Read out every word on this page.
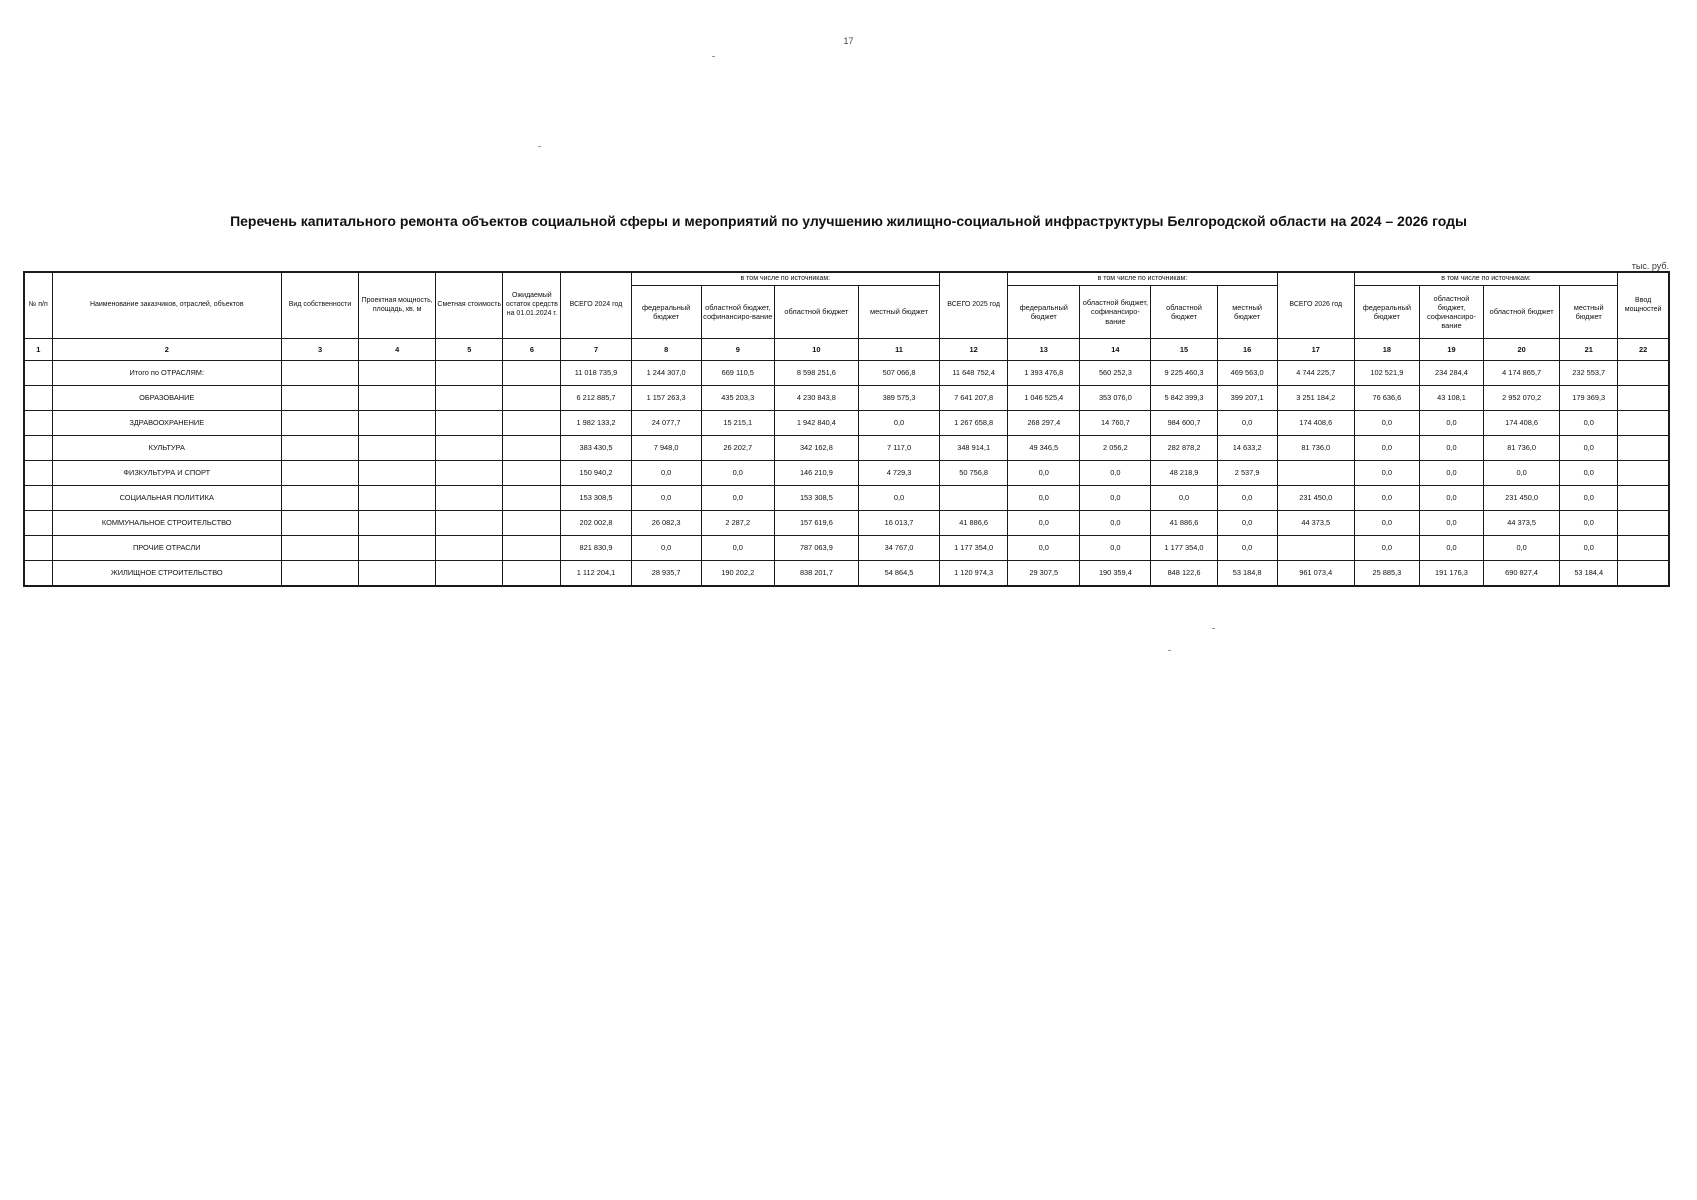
17
Перечень капитального ремонта объектов социальной сферы и мероприятий по улучшению жилищно-социальной инфраструктуры Белгородской области на 2024 – 2026 годы
тыс. руб.
№ п/п	Наименование заказчиков, отраслей, объектов	Вид собственности	Проектная мощность, площадь, кв. м	Сметная стоимость	Ожидаемый остаток средств на 01.01.2024 г.	ВСЕГО 2024 год	в том числе по источникам:				ВСЕГО 2025 год	в том числе по источникам:				ВСЕГО 2026 год	в том числе по источникам:				Ввод мощностей
							федеральный бюджет	областной бюджет, софинансиро-вание	областной бюджет	местный бюджет		федеральный бюджет	областной бюджет, софинансиро-вание	областной бюджет	местный бюджет		федеральный бюджет	областной бюджет, софинансиро-вание	областной бюджет	местный бюджет	
1	2	3	4	5	6	7	8	9	10	11	12	13	14	15	16	17	18	19	20	21	22
	Итого по ОТРАСЛЯМ:					11 018 735,9	1 244 307,0	669 110,5	8 598 251,6	507 066,8	11 648 752,4	1 393 476,8	560 252,3	9 225 460,3	469 563,0	4 744 225,7	102 521,9	234 284,4	4 174 865,7	232 553,7	
	ОБРАЗОВАНИЕ					6 212 885,7	1 157 263,3	435 203,3	4 230 843,8	389 575,3	7 641 207,8	1 046 525,4	353 076,0	5 842 399,3	399 207,1	3 251 184,2	76 636,6	43 108,1	2 952 070,2	179 369,3	
	ЗДРАВООХРАНЕНИЕ					1 982 133,2	24 077,7	15 215,1	1 942 840,4	0,0	1 267 658,8	268 297,4	14 760,7	984 600,7	0,0	174 408,6	0,0	0,0	174 408,6	0,0	
	КУЛЬТУРА					383 430,5	7 948,0	26 202,7	342 162,8	7 117,0	348 914,1	49 346,5	2 056,2	282 878,2	14 633,2	81 736,0	0,0	0,0	81 736,0	0,0	
	ФИЗКУЛЬТУРА И СПОРТ					150 940,2	0,0	0,0	146 210,9	4 729,3	50 756,8	0,0	0,0	48 218,9	2 537,9		0,0	0,0	0,0	0,0	
	СОЦИАЛЬНАЯ ПОЛИТИКА					153 308,5	0,0	0,0	153 308,5	0,0		0,0	0,0	0,0	0,0	231 450,0	0,0	0,0	231 450,0	0,0	
	КОММУНАЛЬНОЕ СТРОИТЕЛЬСТВО					202 002,8	26 082,3	2 287,2	157 619,6	16 013,7	41 886,6	0,0	0,0	41 886,6	0,0	44 373,5	0,0	0,0	44 373,5	0,0	
	ПРОЧИЕ ОТРАСЛИ					821 830,9	0,0	0,0	787 063,9	34 767,0	1 177 354,0	0,0	0,0	1 177 354,0	0,0		0,0	0,0	0,0	0,0	
	ЖИЛИЩНОЕ СТРОИТЕЛЬСТВО					1 112 204,1	28 935,7	190 202,2	838 201,7	54 864,5	1 120 974,3	29 307,5	190 359,4	848 122,6	53 184,8	961 073,4	25 885,3	191 176,3	690 827,4	53 184,4	
